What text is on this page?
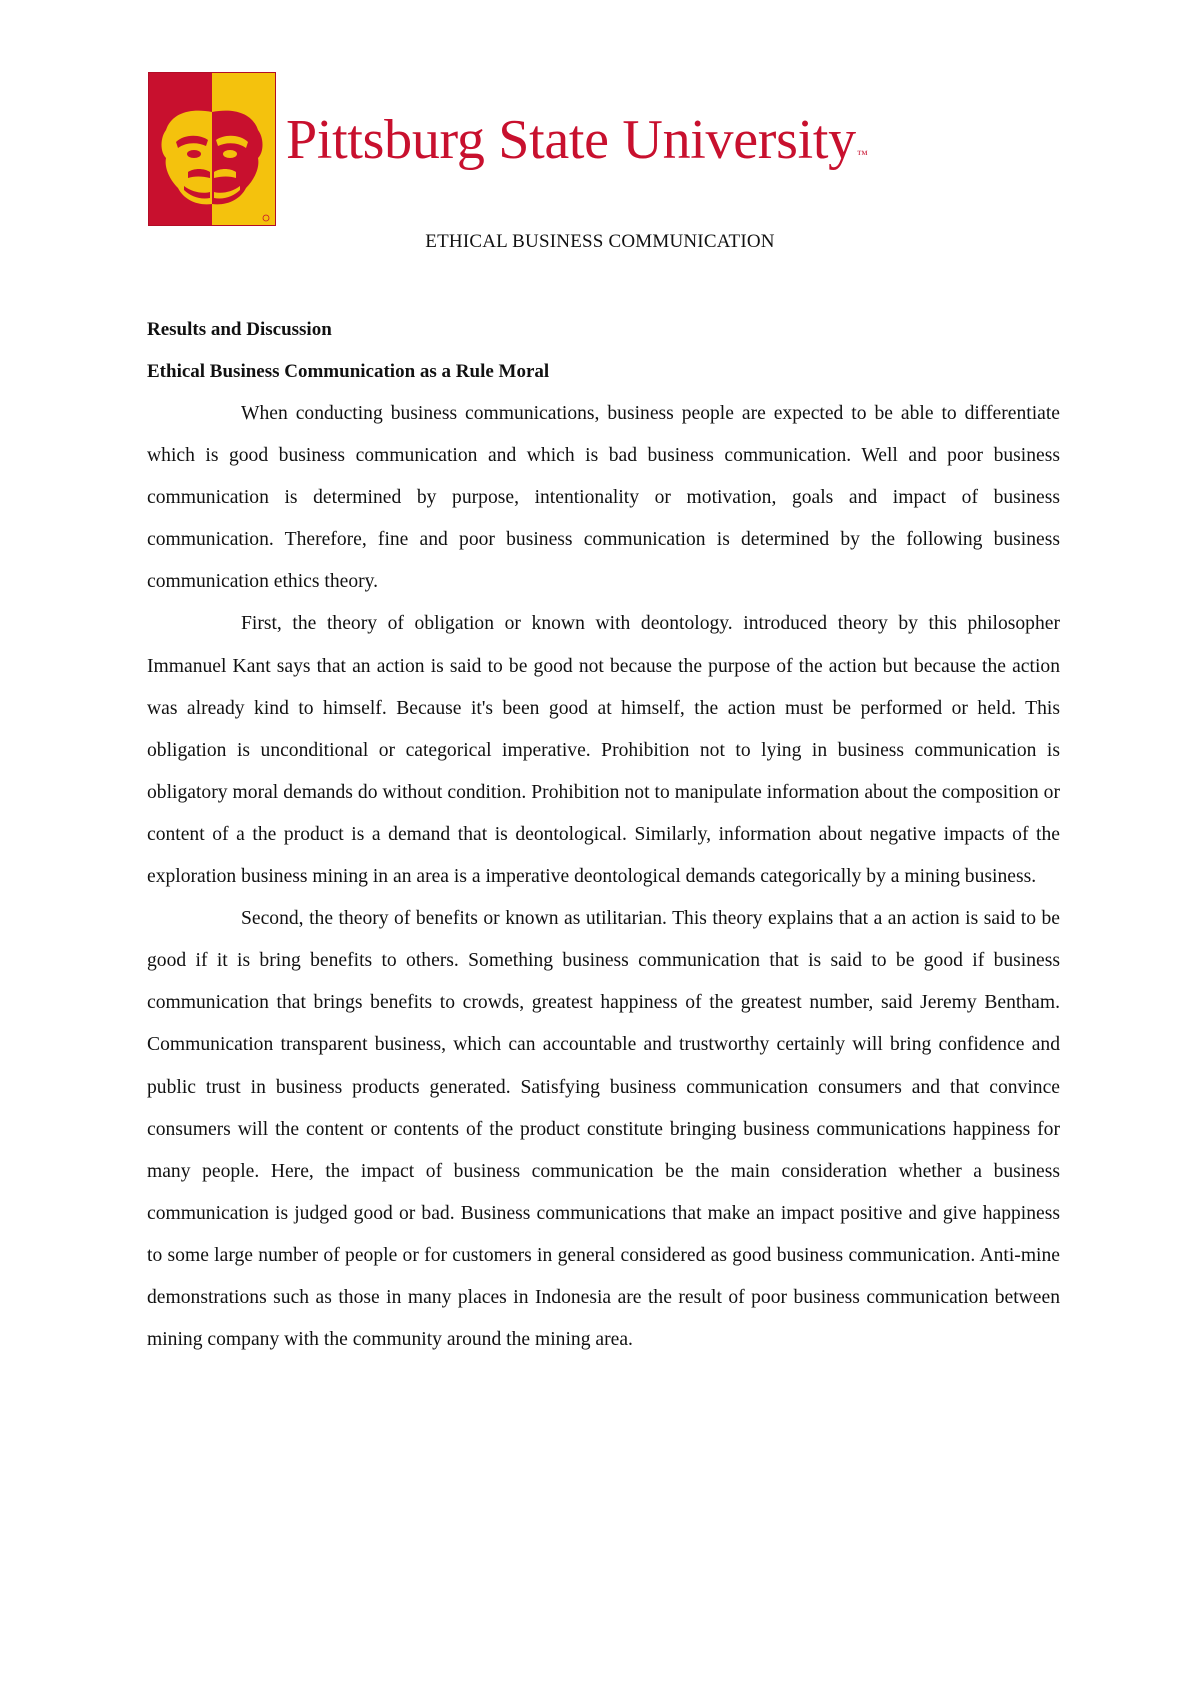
Pittsburg State University™
ETHICAL BUSINESS COMMUNICATION

Results and Discussion

Ethical Business Communication as a Rule Moral

When conducting business communications, business people are expected to be able to differentiate which is good business communication and which is bad business communication. Well and poor business communication is determined by purpose, intentionality or motivation, goals and impact of business communication. Therefore, fine and poor business communication is determined by the following business communication ethics theory.

First, the theory of obligation or known with deontology. introduced theory by this philosopher Immanuel Kant says that an action is said to be good not because the purpose of the action but because the action was already kind to himself. Because it's been good at himself, the action must be performed or held. This obligation is unconditional or categorical imperative. Prohibition not to lying in business communication is obligatory moral demands do without condition. Prohibition not to manipulate information about the composition or content of a the product is a demand that is deontological. Similarly, information about negative impacts of the exploration business mining in an area is a imperative deontological demands categorically by a mining business.

Second, the theory of benefits or known as utilitarian. This theory explains that a an action is said to be good if it is bring benefits to others. Something business communication that is said to be good if business communication that brings benefits to crowds, greatest happiness of the greatest number, said Jeremy Bentham. Communication transparent business, which can accountable and trustworthy certainly will bring confidence and public trust in business products generated. Satisfying business communication consumers and that convince consumers will the content or contents of the product constitute bringing business communications happiness for many people. Here, the impact of business communication be the main consideration whether a business communication is judged good or bad. Business communications that make an impact positive and give happiness to some large number of people or for customers in general considered as good business communication. Anti-mine demonstrations such as those in many places in Indonesia are the result of poor business communication between mining company with the community around the mining area.
